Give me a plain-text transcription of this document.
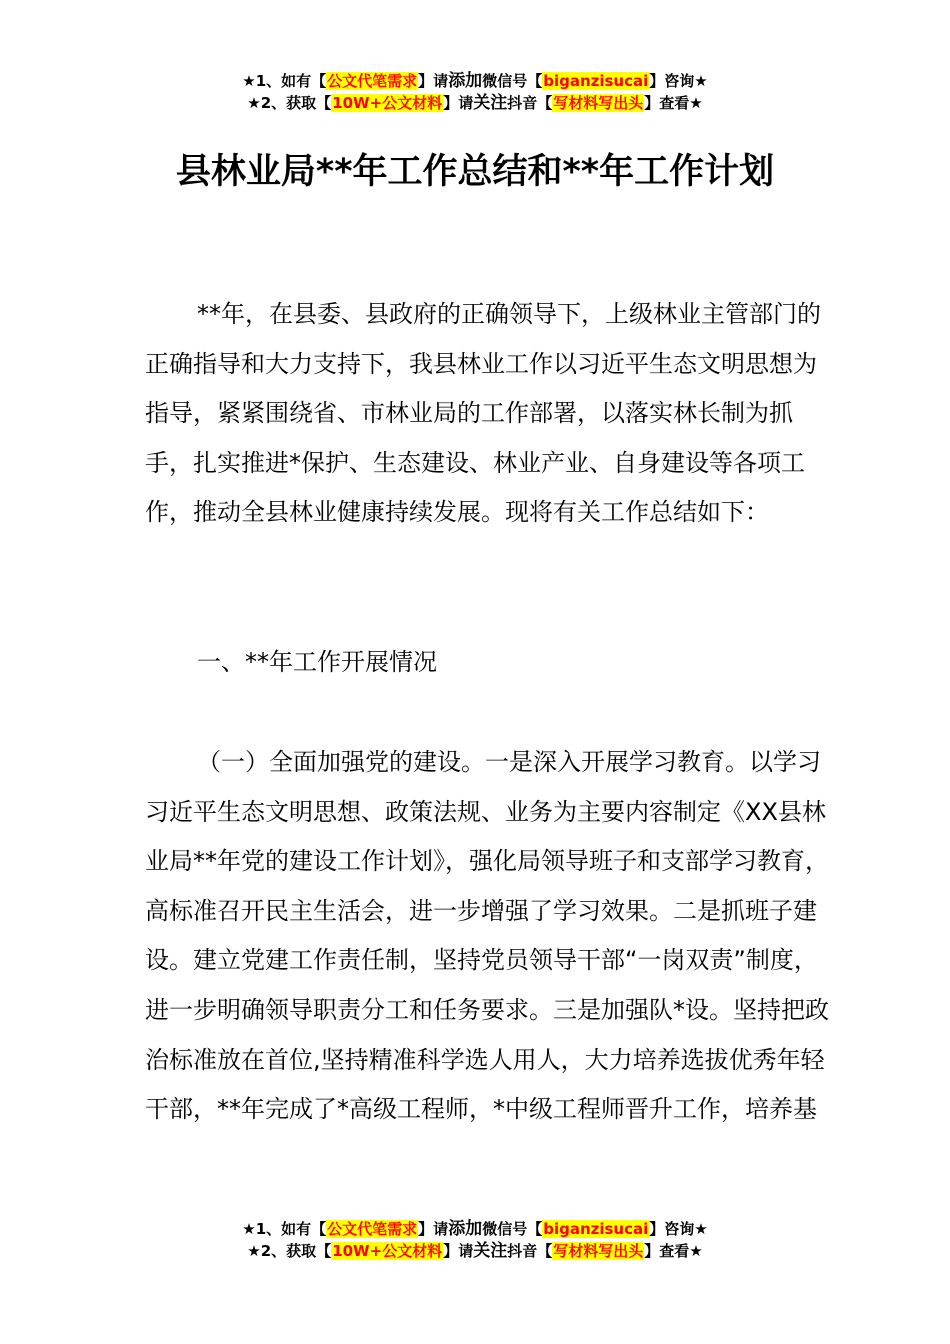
★1、如有【公文代笔需求】请添加微信号【biganzisucai】咨询★
★2、获取【10W+公文材料】请关注抖音【写材料写出头】查看★
县林业局**年工作总结和**年工作计划

**年，在县委、县政府的正确领导下，上级林业主管部门的正确指导和大力支持下，我县林业工作以习近平生态文明思想为指导，紧紧围绕省、市林业局的工作部署，以落实林长制为抓手，扎实推进*保护、生态建设、林业产业、自身建设等各项工作，推动全县林业健康持续发展。现将有关工作总结如下：

一、**年工作开展情况

（一）全面加强党的建设。一是深入开展学习教育。以学习习近平生态文明思想、政策法规、业务为主要内容制定《XX县林业局**年党的建设工作计划》，强化局领导班子和支部学习教育，高标准召开民主生活会，进一步增强了学习效果。二是抓班子建设。建立党建工作责任制，坚持党员领导干部“一岗双责”制度，进一步明确领导职责分工和任务要求。三是加强队*设。坚持把政治标准放在首位,坚持精准科学选人用人，大力培养选拔优秀年轻干部，**年完成了*高级工程师，*中级工程师晋升工作，培养基

★1、如有【公文代笔需求】请添加微信号【biganzisucai】咨询★
★2、获取【10W+公文材料】请关注抖音【写材料写出头】查看★
